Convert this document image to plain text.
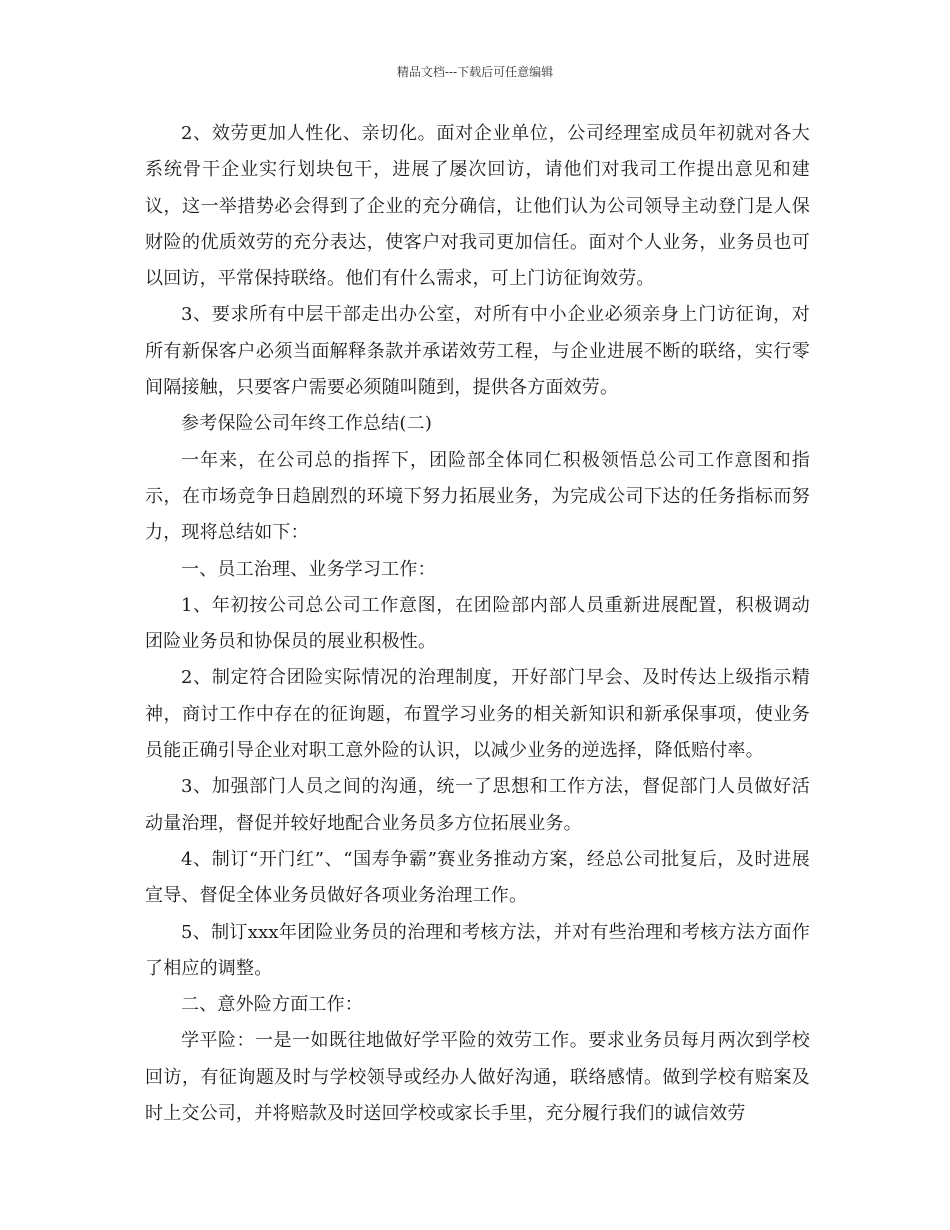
精品文档---下载后可任意编辑

2、效劳更加人性化、亲切化。面对企业单位，公司经理室成员年初就对各大系统骨干企业实行划块包干，进展了屡次回访，请他们对我司工作提出意见和建议，这一举措势必会得到了企业的充分确信，让他们认为公司领导主动登门是人保财险的优质效劳的充分表达，使客户对我司更加信任。面对个人业务，业务员也可以回访，平常保持联络。他们有什么需求，可上门访征询效劳。

3、要求所有中层干部走出办公室，对所有中小企业必须亲身上门访征询，对所有新保客户必须当面解释条款并承诺效劳工程，与企业进展不断的联络，实行零间隔接触，只要客户需要必须随叫随到，提供各方面效劳。

参考保险公司年终工作总结(二)

一年来，在公司总的指挥下，团险部全体同仁积极领悟总公司工作意图和指示，在市场竞争日趋剧烈的环境下努力拓展业务，为完成公司下达的任务指标而努力，现将总结如下：

一、员工治理、业务学习工作：

1、年初按公司总公司工作意图，在团险部内部人员重新进展配置，积极调动团险业务员和协保员的展业积极性。

2、制定符合团险实际情况的治理制度，开好部门早会、及时传达上级指示精神，商讨工作中存在的征询题，布置学习业务的相关新知识和新承保事项，使业务员能正确引导企业对职工意外险的认识，以减少业务的逆选择，降低赔付率。

3、加强部门人员之间的沟通，统一了思想和工作方法，督促部门人员做好活动量治理，督促并较好地配合业务员多方位拓展业务。

4、制订“开门红”、“国寿争霸”赛业务推动方案，经总公司批复后，及时进展宣导、督促全体业务员做好各项业务治理工作。

5、制订xxx年团险业务员的治理和考核方法，并对有些治理和考核方法方面作了相应的调整。

二、意外险方面工作：

学平险：一是一如既往地做好学平险的效劳工作。要求业务员每月两次到学校回访，有征询题及时与学校领导或经办人做好沟通，联络感情。做到学校有赔案及时上交公司，并将赔款及时送回学校或家长手里，充分履行我们的诚信效劳
